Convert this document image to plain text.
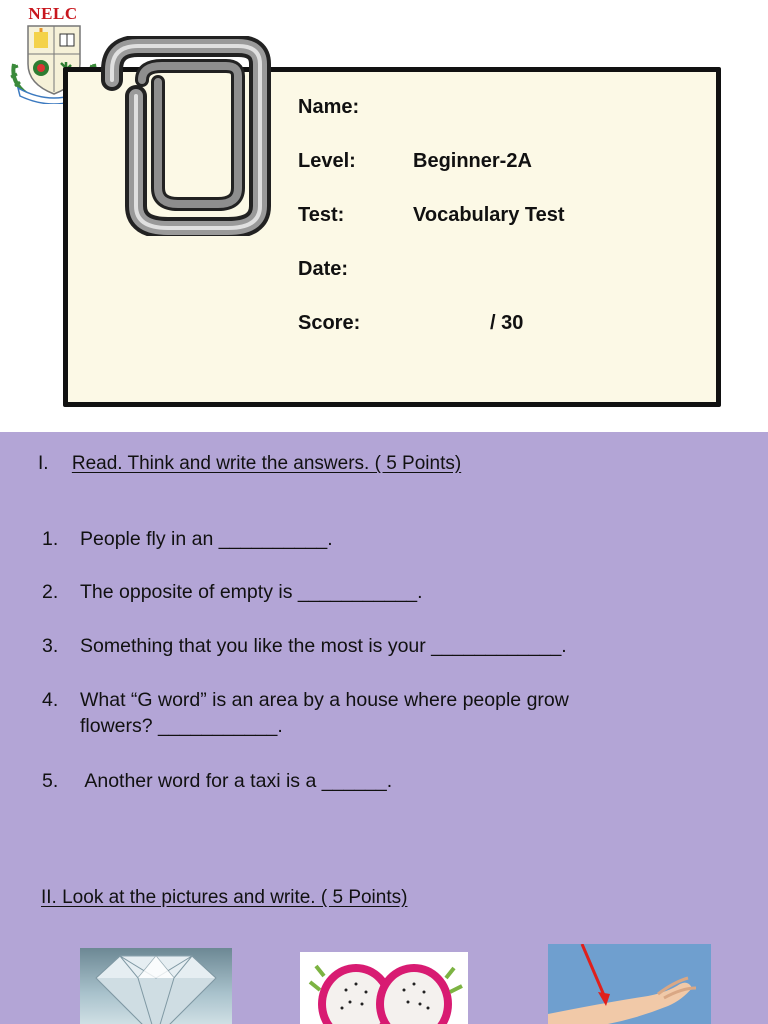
NELC
Name:
Level:	Beginner-2A
Test:	Vocabulary Test
Date:
Score:	/ 30
I. Read. Think and write the answers. ( 5 Points)
1. People fly in an __________.
2. The opposite of empty is ___________.
3. Something that you like the most is your ____________.
4. What “G word” is an area by a house where people grow flowers? ___________.
5. Another word for a taxi is a ______.
II. Look at the pictures and write. ( 5 Points)
